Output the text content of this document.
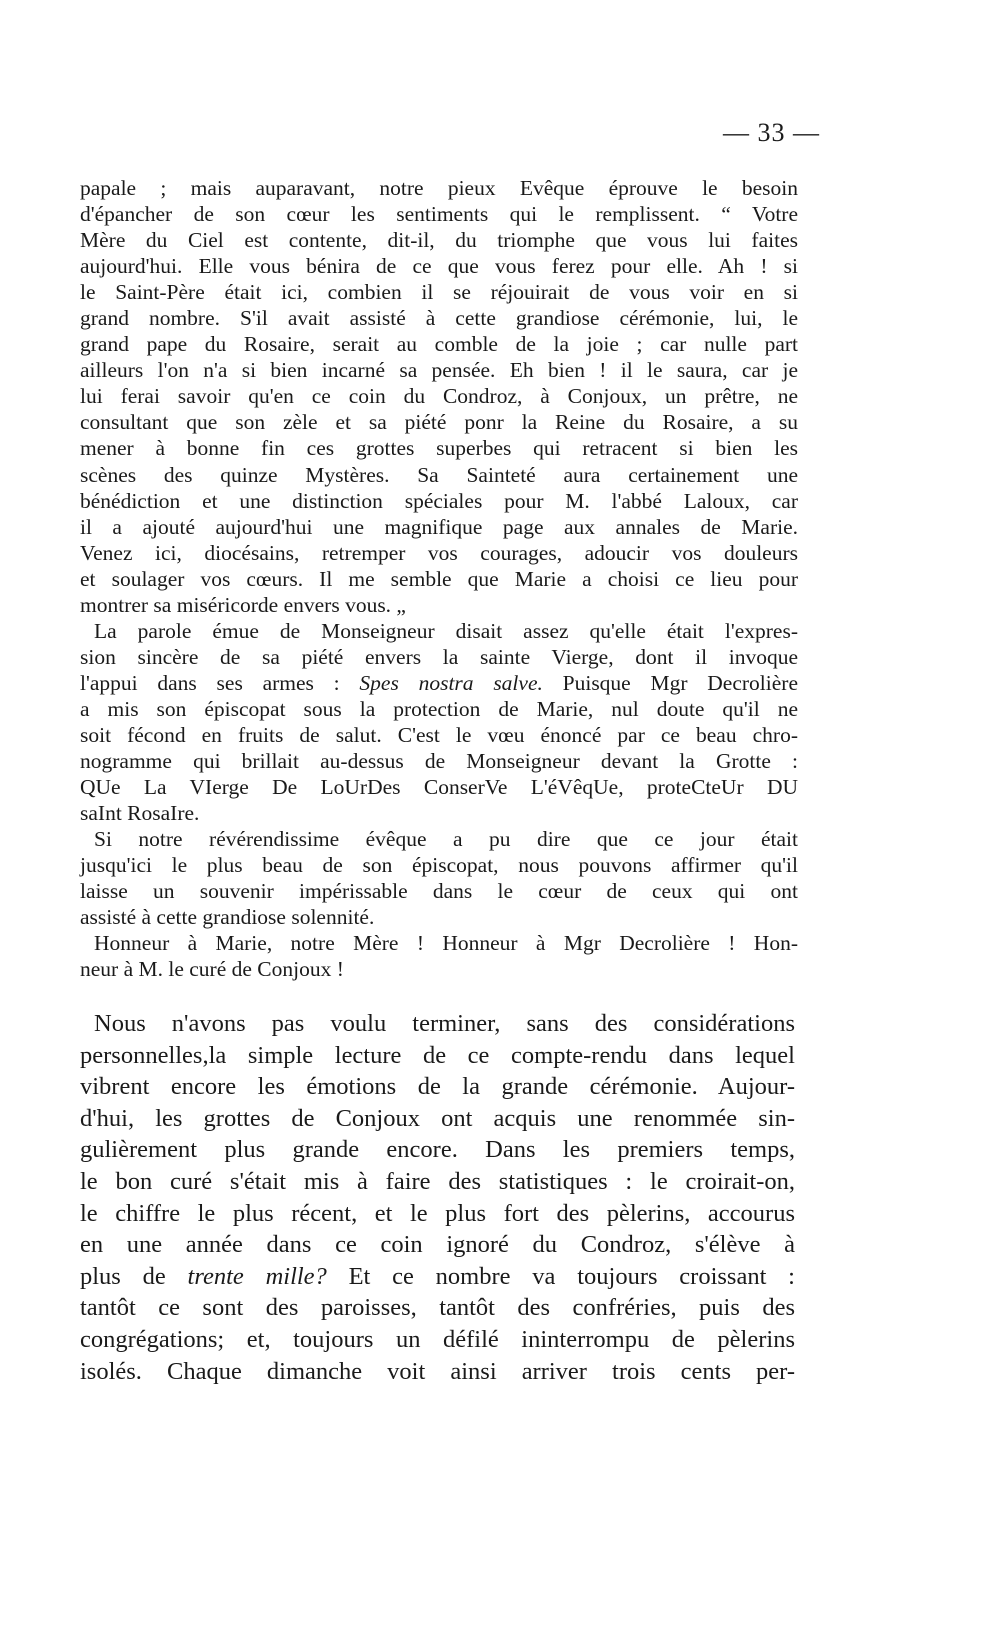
— 33 —
papale ; mais auparavant, notre pieux Evêque éprouve le besoin
d'épancher de son cœur les sentiments qui le remplissent. “ Votre
Mère du Ciel est contente, dit-il, du triomphe que vous lui faites
aujourd'hui. Elle vous bénira de ce que vous ferez pour elle. Ah ! si
le Saint-Père était ici, combien il se réjouirait de vous voir en si
grand nombre. S'il avait assisté à cette grandiose cérémonie, lui, le
grand pape du Rosaire, serait au comble de la joie ; car nulle part
ailleurs l'on n'a si bien incarné sa pensée. Eh bien ! il le saura, car je
lui ferai savoir qu'en ce coin du Condroz, à Conjoux, un prêtre, ne
consultant que son zèle et sa piété ponr la Reine du Rosaire, a su
mener à bonne fin ces grottes superbes qui retracent si bien les
scènes des quinze Mystères. Sa Sainteté aura certainement une
bénédiction et une distinction spéciales pour M. l'abbé Laloux, car
il a ajouté aujourd'hui une magnifique page aux annales de Marie.
Venez ici, diocésains, retremper vos courages, adoucir vos douleurs
et soulager vos cœurs. Il me semble que Marie a choisi ce lieu pour
montrer sa miséricorde envers vous. „
La parole émue de Monseigneur disait assez qu'elle était l'expres-
sion sincère de sa piété envers la sainte Vierge, dont il invoque
l'appui dans ses armes : Spes nostra salve. Puisque Mgr Decrolière
a mis son épiscopat sous la protection de Marie, nul doute qu'il ne
soit fécond en fruits de salut. C'est le vœu énoncé par ce beau chro-
nogramme qui brillait au-dessus de Monseigneur devant la Grotte :
QUe La VIerge De LoUrDes ConserVe L'éVêqUe, proteCteUr DU
saInt RosaIre.
Si notre révérendissime évêque a pu dire que ce jour était
jusqu'ici le plus beau de son épiscopat, nous pouvons affirmer qu'il
laisse un souvenir impérissable dans le cœur de ceux qui ont
assisté à cette grandiose solennité.
Honneur à Marie, notre Mère ! Honneur à Mgr Decrolière ! Hon-
neur à M. le curé de Conjoux !
Nous n'avons pas voulu terminer, sans des considérations
personnelles,la simple lecture de ce compte-rendu dans lequel
vibrent encore les émotions de la grande cérémonie. Aujour-
d'hui, les grottes de Conjoux ont acquis une renommée sin-
gulièrement plus grande encore. Dans les premiers temps,
le bon curé s'était mis à faire des statistiques : le croirait-on,
le chiffre le plus récent, et le plus fort des pèlerins, accourus
en une année dans ce coin ignoré du Condroz, s'élève à
plus de trente mille? Et ce nombre va toujours croissant :
tantôt ce sont des paroisses, tantôt des confréries, puis des
congrégations; et, toujours un défilé ininterrompu de pèlerins
isolés. Chaque dimanche voit ainsi arriver trois cents per-
